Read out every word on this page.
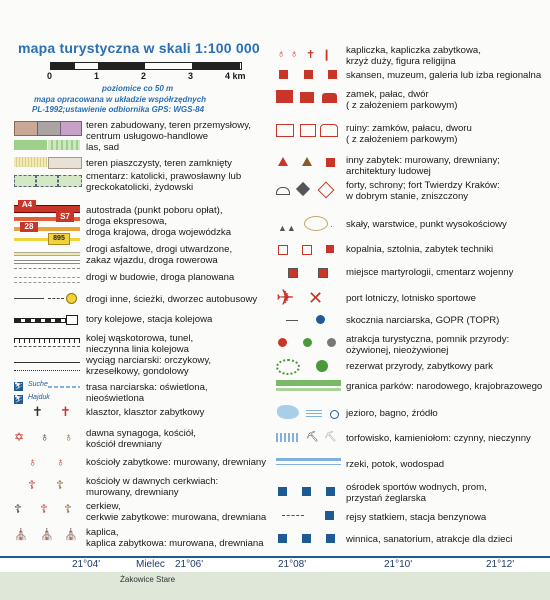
mapa turystyczna w skali 1:100 000
0	1	2	3	4 km
poziomice co 50 m
mapa opracowana w układzie współrzędnych
PL-1992;ustawienie odbiornika GPS: WGS-84
A4
S7
28
895
⛷ Suche
⛷ Hajduk
✝ ✝
✡ ♁ ♁
♁ ♁
☦ ☦
☦ ☦ ☦
⛪ ⛪ ⛪
teren zabudowany, teren przemysłowy,
centrum usługowo-handlowe
las, sad
teren piaszczysty, teren zamknięty
cmentarz: katolicki, prawosławny lub
greckokatolicki, żydowski
autostrada (punkt poboru opłat),
droga ekspresowa,
droga krajowa, droga wojewódzka
drogi asfaltowe, drogi utwardzone,
zakaz wjazdu, droga rowerowa
drogi w budowie, droga planowana
drogi inne, ścieżki, dworzec autobusowy
tory kolejowe, stacja kolejowa
kolej wąskotorowa, tunel,
nieczynna linia kolejowa
wyciąg narciarski: orczykowy,
krzesełkowy, gondolowy
trasa narciarska: oświetlona,
nieoświetlona
klasztor, klasztor zabytkowy
dawna synagoga, kościół,
kościół drewniany
kościoły zabytkowe: murowany, drewniany
kościoły w dawnych cerkwiach:
murowany, drewniany
cerkiew,
cerkwie zabytkowe: murowana, drewniana
kaplica,
kaplica zabytkowa: murowana, drewniana
♁ ♁ ✝ ❙
▲▲	·
✈ ✕
⛏ ⛏
kapliczka, kapliczka zabytkowa,
krzyż duży, figura religijna
skansen, muzeum, galeria lub izba regionalna
zamek, pałac, dwór
( z założeniem parkowym)
ruiny: zamków, pałacu, dworu
( z założeniem parkowym)
inny zabytek: murowany, drewniany;
architektury ludowej
forty, schrony; fort Twierdzy Kraków:
w dobrym stanie, zniszczony
skały, warstwice, punkt wysokościowy
kopalnia, sztolnia, zabytek techniki
miejsce martyrologii, cmentarz wojenny
port lotniczy, lotnisko sportowe
skocznia narciarska, GOPR (TOPR)
atrakcja turystyczna, pomnik przyrody:
ożywionej, nieożywionej
rezerwat przyrody, zabytkowy park
granica parków: narodowego, krajobrazowego
jezioro, bagno, źródło
torfowisko, kamieniołom: czynny, nieczynny
rzeki, potok, wodospad
ośrodek sportów wodnych, prom,
przystań żeglarska
rejsy statkiem, stacja benzynowa
winnica, sanatorium, atrakcje dla dzieci
21°04'	Mielec 21°06'	21°08'	21°10'	21°12'
Żakowice Stare
